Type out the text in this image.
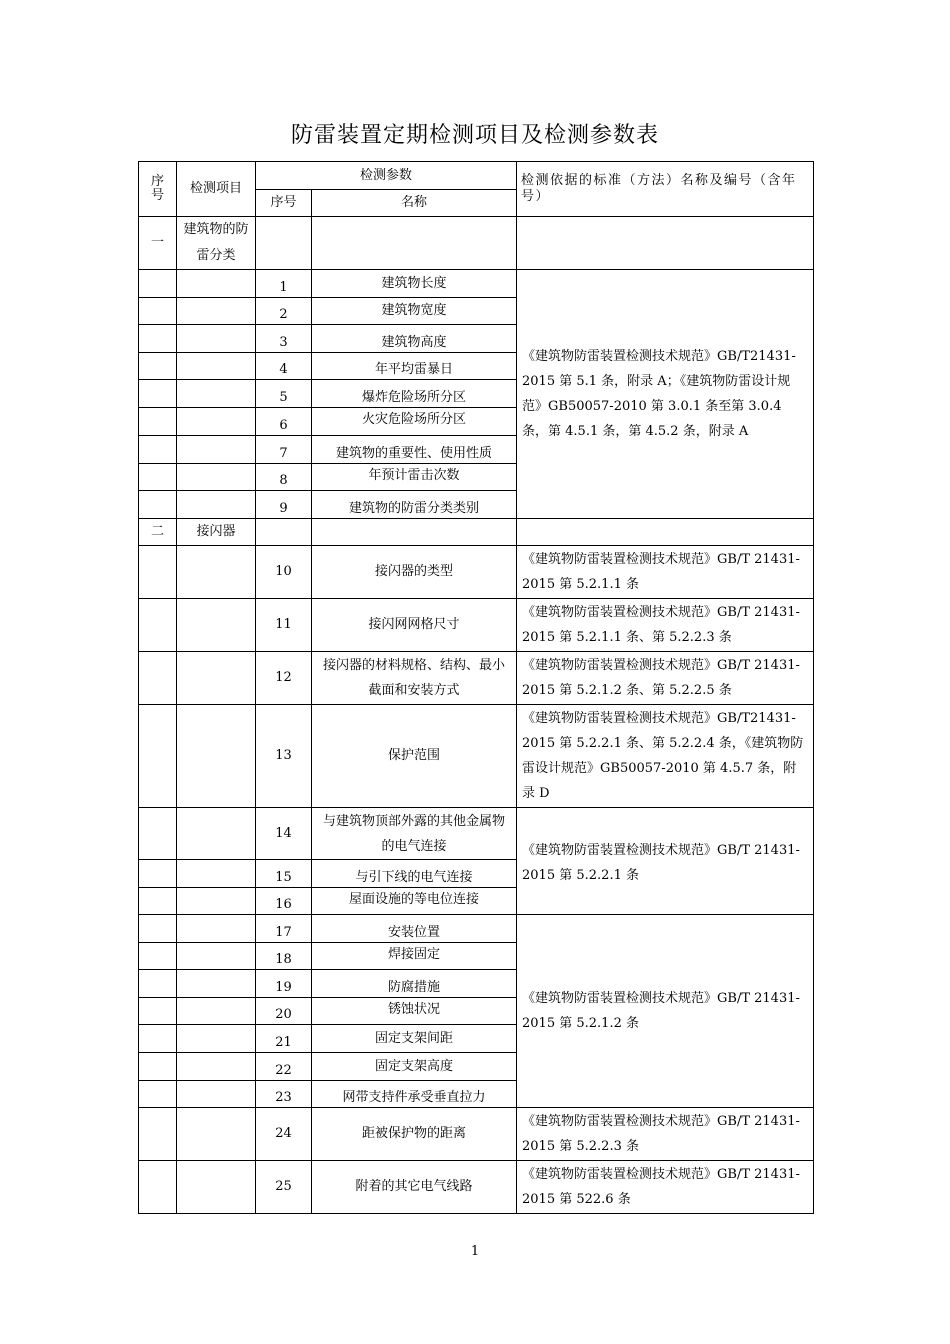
防雷装置定期检测项目及检测参数表
序号	检测项目	检测参数		检测依据的标准（方法）名称及编号（含年号）
		序号	名称	
一	建筑物的防雷分类			

		1	建筑物长度	《建筑物防雷装置检测技术规范》GB/T21431-2015 第 5.1 条，附录 A；《建筑物防雷设计规范》GB50057-2010 第 3.0.1 条至第 3.0.4 条，第 4.5.1 条，第 4.5.2 条，附录 A

		2	建筑物宽度	

		3	建筑物高度	

		4	年平均雷暴日	

		5	爆炸危险场所分区	

		6	火灾危险场所分区	

		7	建筑物的重要性、使用性质	

		8	年预计雷击次数	

		9	建筑物的防雷分类类别	

二	接闪器			
		10	接闪器的类型	《建筑物防雷装置检测技术规范》GB/T 21431-2015 第 5.2.1.1 条
		11	接闪网网格尺寸	《建筑物防雷装置检测技术规范》GB/T 21431-2015 第 5.2.1.1 条、第 5.2.2.3 条
		12	接闪器的材料规格、结构、最小截面和安装方式	《建筑物防雷装置检测技术规范》GB/T 21431-2015 第 5.2.1.2 条、第 5.2.2.5 条
		13	保护范围	《建筑物防雷装置检测技术规范》GB/T21431-2015 第 5.2.2.1 条、第 5.2.2.4 条，《建筑物防雷设计规范》GB50057-2010 第 4.5.7 条，附录 D
		14	与建筑物顶部外露的其他金属物的电气连接	《建筑物防雷装置检测技术规范》GB/T 21431-2015 第 5.2.2.1 条

		15	与引下线的电气连接	

		16	屋面设施的等电位连接	

		17	安装位置	《建筑物防雷装置检测技术规范》GB/T 21431-2015 第 5.2.1.2 条

		18	焊接固定	

		19	防腐措施	

		20	锈蚀状况	

		21	固定支架间距	

		22	固定支架高度	

		23	网带支持件承受垂直拉力	

		24	距被保护物的距离	《建筑物防雷装置检测技术规范》GB/T 21431-2015 第 5.2.2.3 条
		25	附着的其它电气线路	《建筑物防雷装置检测技术规范》GB/T 21431-2015 第 522.6 条
1
